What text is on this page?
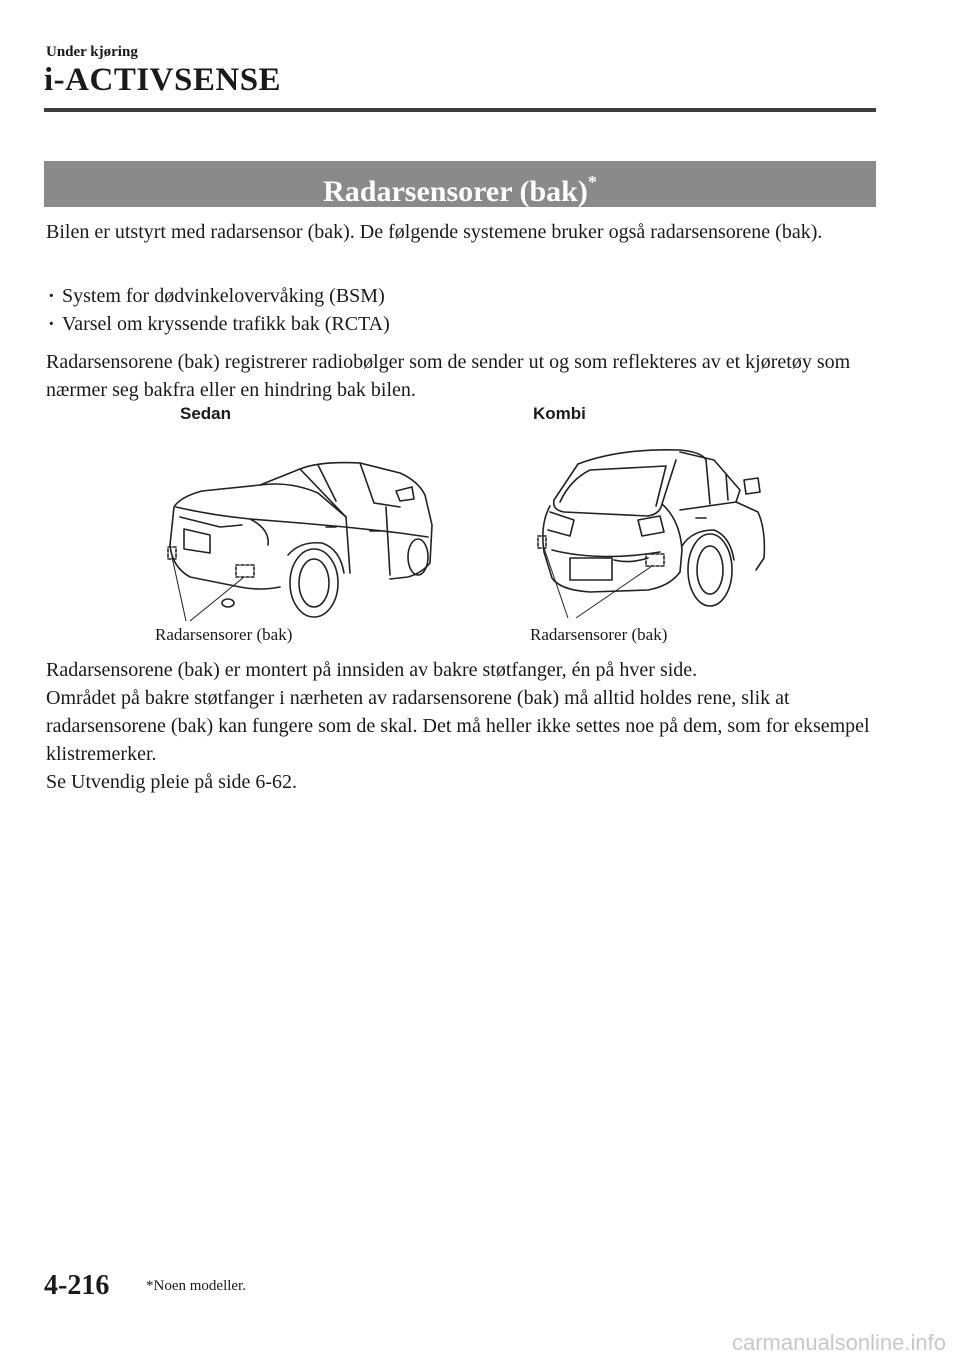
Under kjøring
i-ACTIVSENSE
Radarsensorer (bak)*

Bilen er utstyrt med radarsensor (bak). De følgende systemene bruker også radarsensorene (bak).

· System for dødvinkelovervåking (BSM)
· Varsel om kryssende trafikk bak (RCTA)

Radarsensorene (bak) registrerer radiobølger som de sender ut og som reflekteres av et kjøretøy som nærmer seg bakfra eller en hindring bak bilen.

Sedan
Radarsensorer (bak)
Kombi
Radarsensorer (bak)

Radarsensorene (bak) er montert på innsiden av bakre støtfanger, én på hver side.

Området på bakre støtfanger i nærheten av radarsensorene (bak) må alltid holdes rene, slik at radarsensorene (bak) kan fungere som de skal. Det må heller ikke settes noe på dem, som for eksempel klistremerker.

Se Utvendig pleie på side 6-62.

4-216 *Noen modeller.
carmanualsonline.info
